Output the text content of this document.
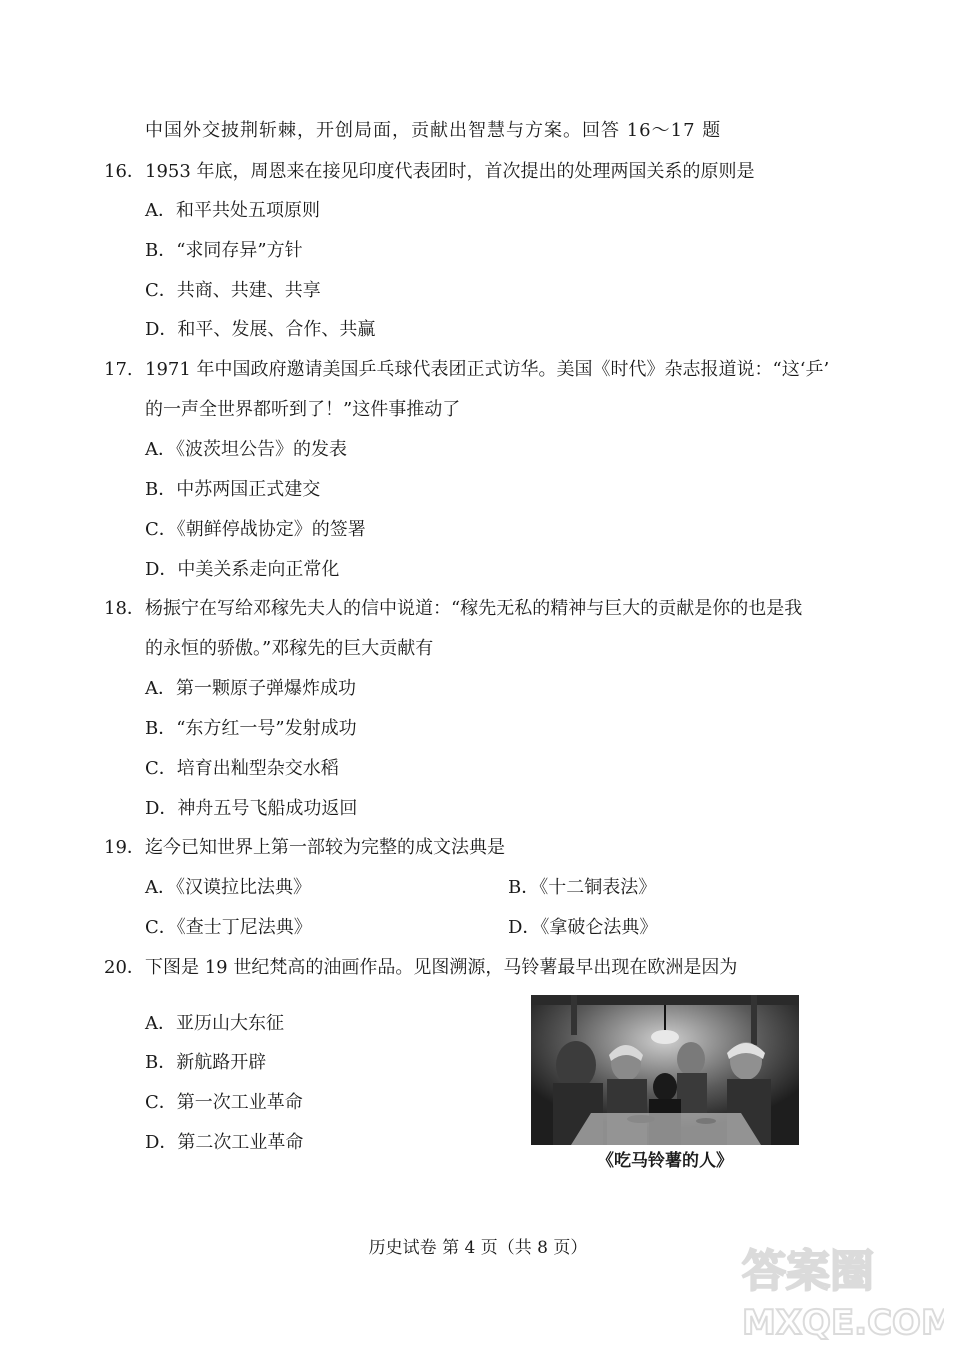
中国外交披荆斩棘，开创局面，贡献出智慧与方案。回答 16～17 题
16． 1953 年底，周恩来在接见印度代表团时，首次提出的处理两国关系的原则是
A．和平共处五项原则
B．“求同存异”方针
C．共商、共建、共享
D．和平、发展、合作、共赢
17. 1971 年中国政府邀请美国乒乓球代表团正式访华。美国《时代》杂志报道说：“这‘乒’
的一声全世界都听到了！”这件事推动了
A．《波茨坦公告》的发表
B．中苏两国正式建交
C．《朝鲜停战协定》的签署
D．中美关系走向正常化
18． 杨振宁在写给邓稼先夫人的信中说道：“稼先无私的精神与巨大的贡献是你的也是我
的永恒的骄傲。”邓稼先的巨大贡献有
A．第一颗原子弹爆炸成功
B．“东方红一号”发射成功
C．培育出籼型杂交水稻
D．神舟五号飞船成功返回
19． 迄今已知世界上第一部较为完整的成文法典是
A．《汉谟拉比法典》	B．《十二铜表法》
C．《查士丁尼法典》	D．《拿破仑法典》
20． 下图是 19 世纪梵高的油画作品。见图溯源，马铃薯最早出现在欧洲是因为
A．亚历山大东征
B．新航路开辟
C．第一次工业革命
D．第二次工业革命
《吃马铃薯的人》
历史试卷 第 4 页（共 8 页）	答案圈
MXQE.COM
